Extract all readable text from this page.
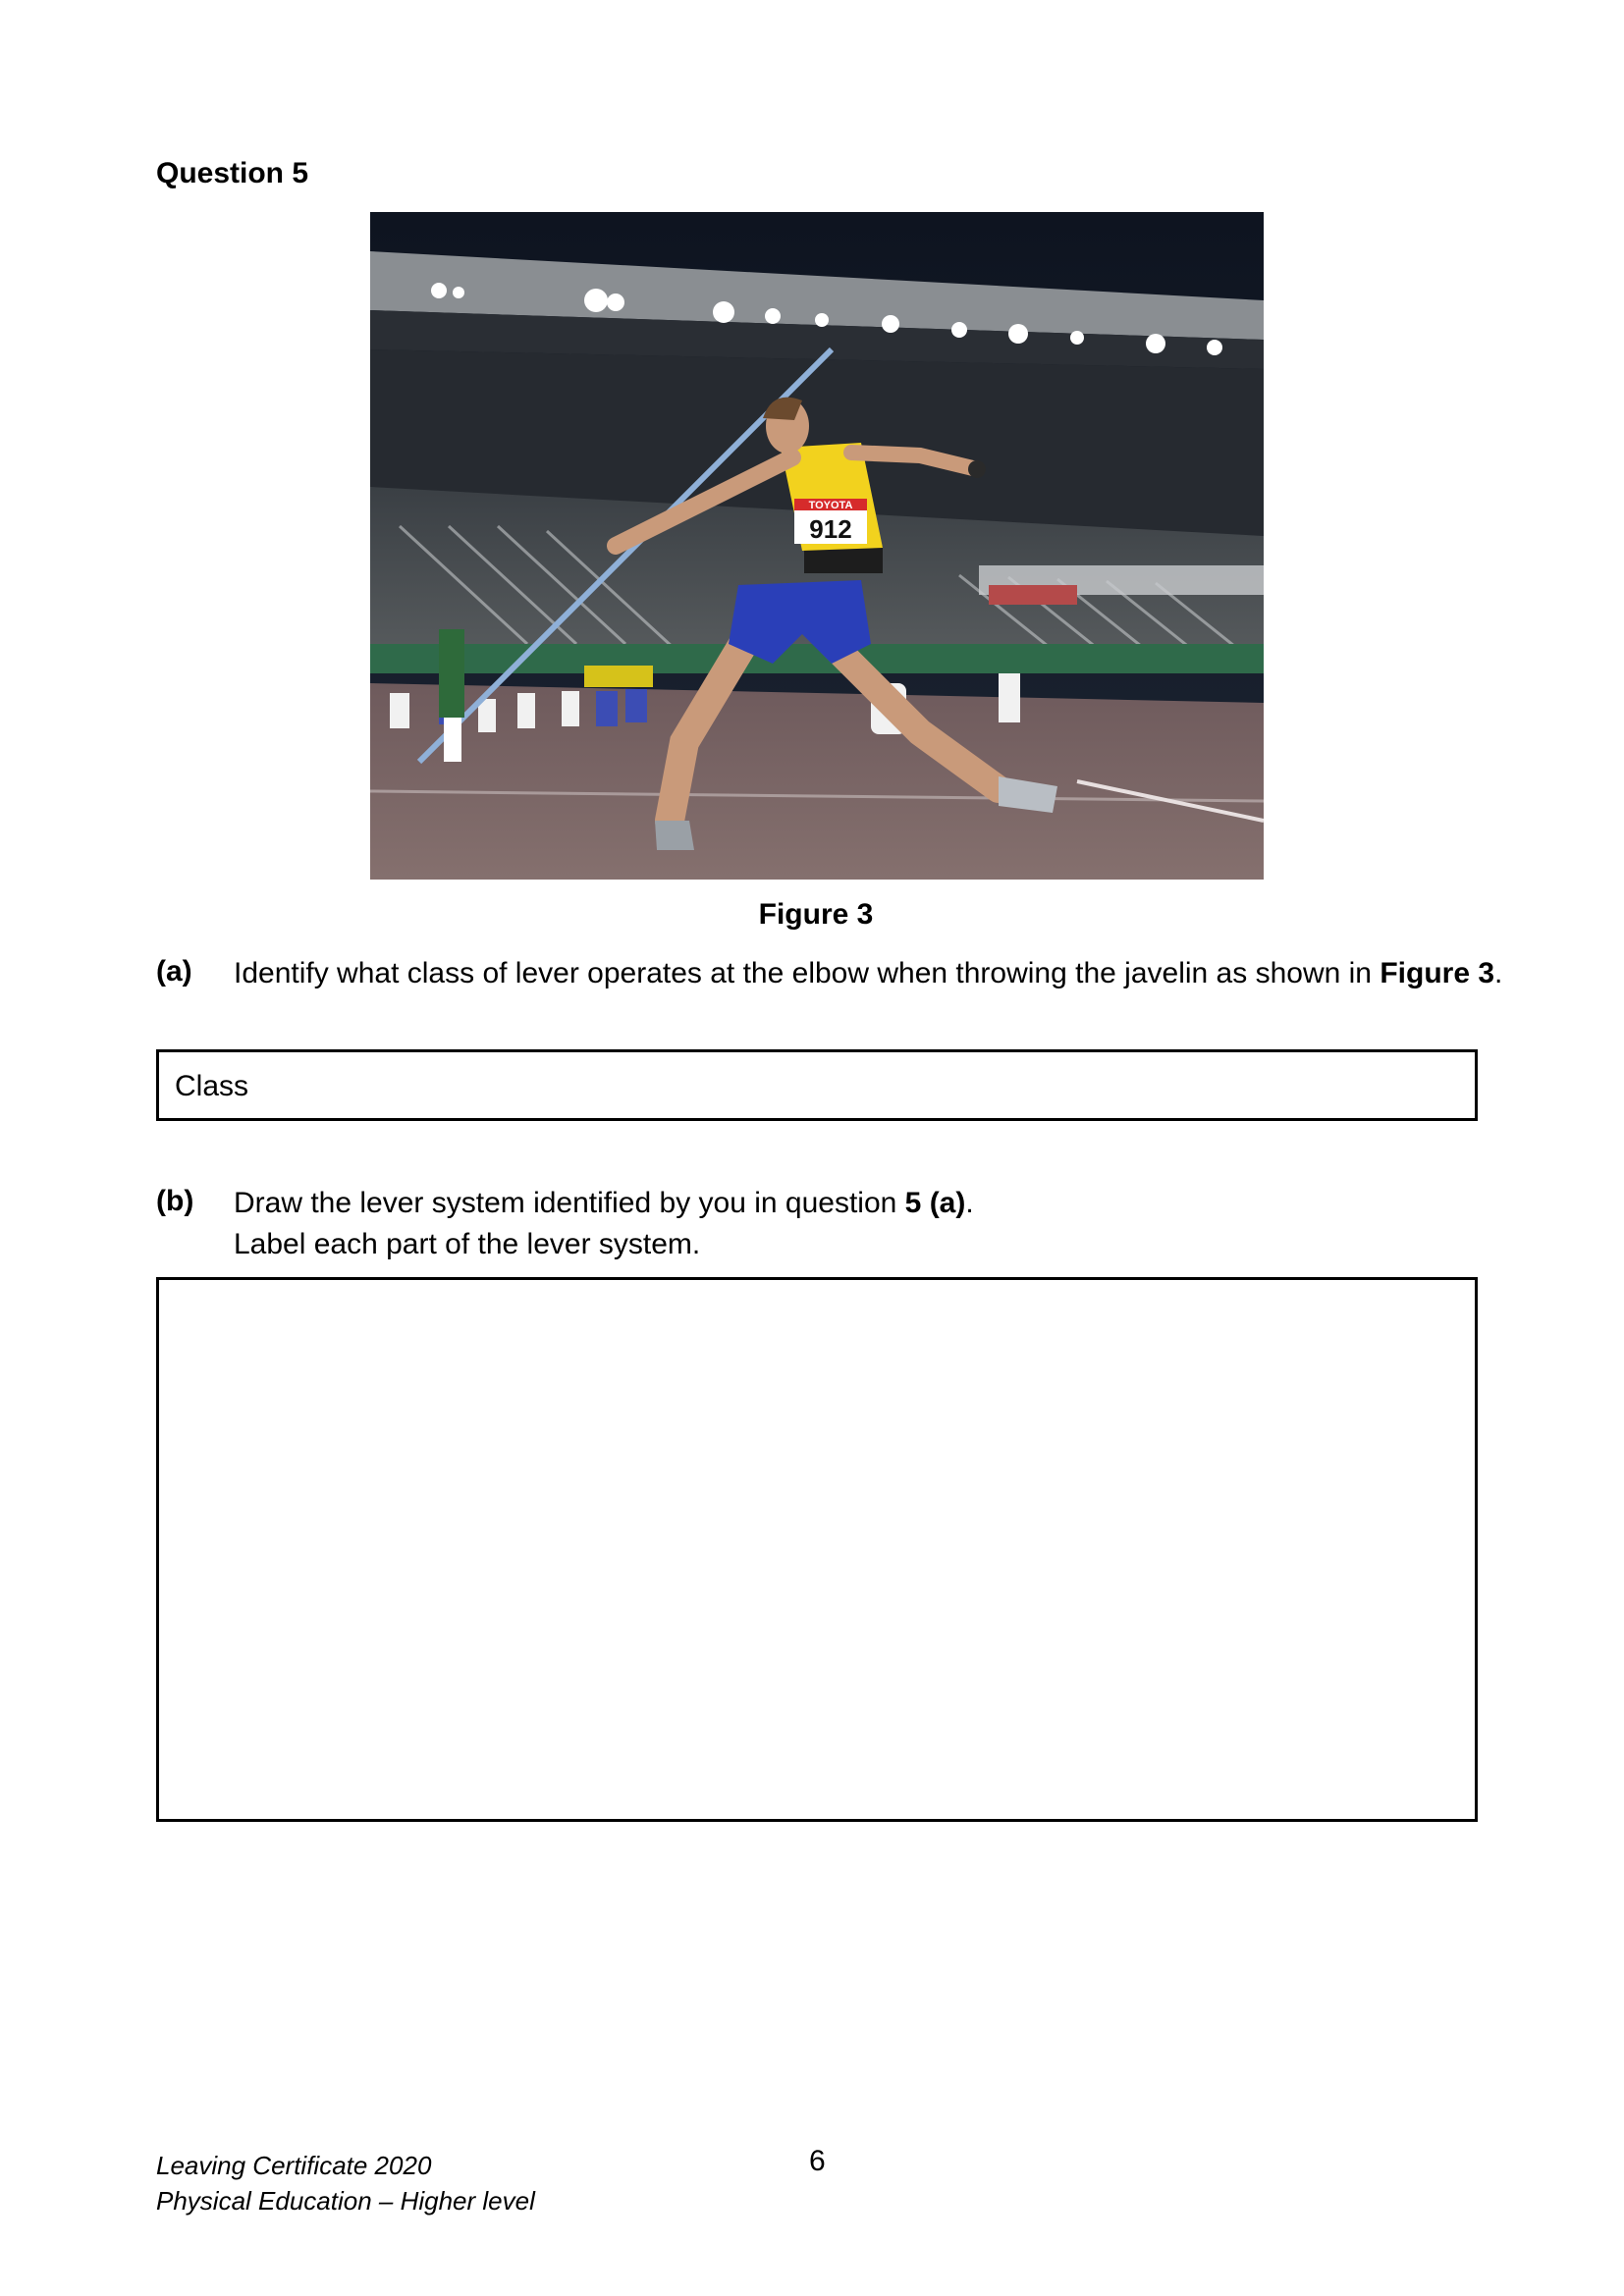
Question 5
TOYOTA
912
Figure 3
(a) Identify what class of lever operates at the elbow when throwing the javelin as shown in Figure 3.
Class
(b) Draw the lever system identified by you in question 5 (a).
Label each part of the lever system.
Leaving Certificate 2020
Physical Education – Higher level
6
